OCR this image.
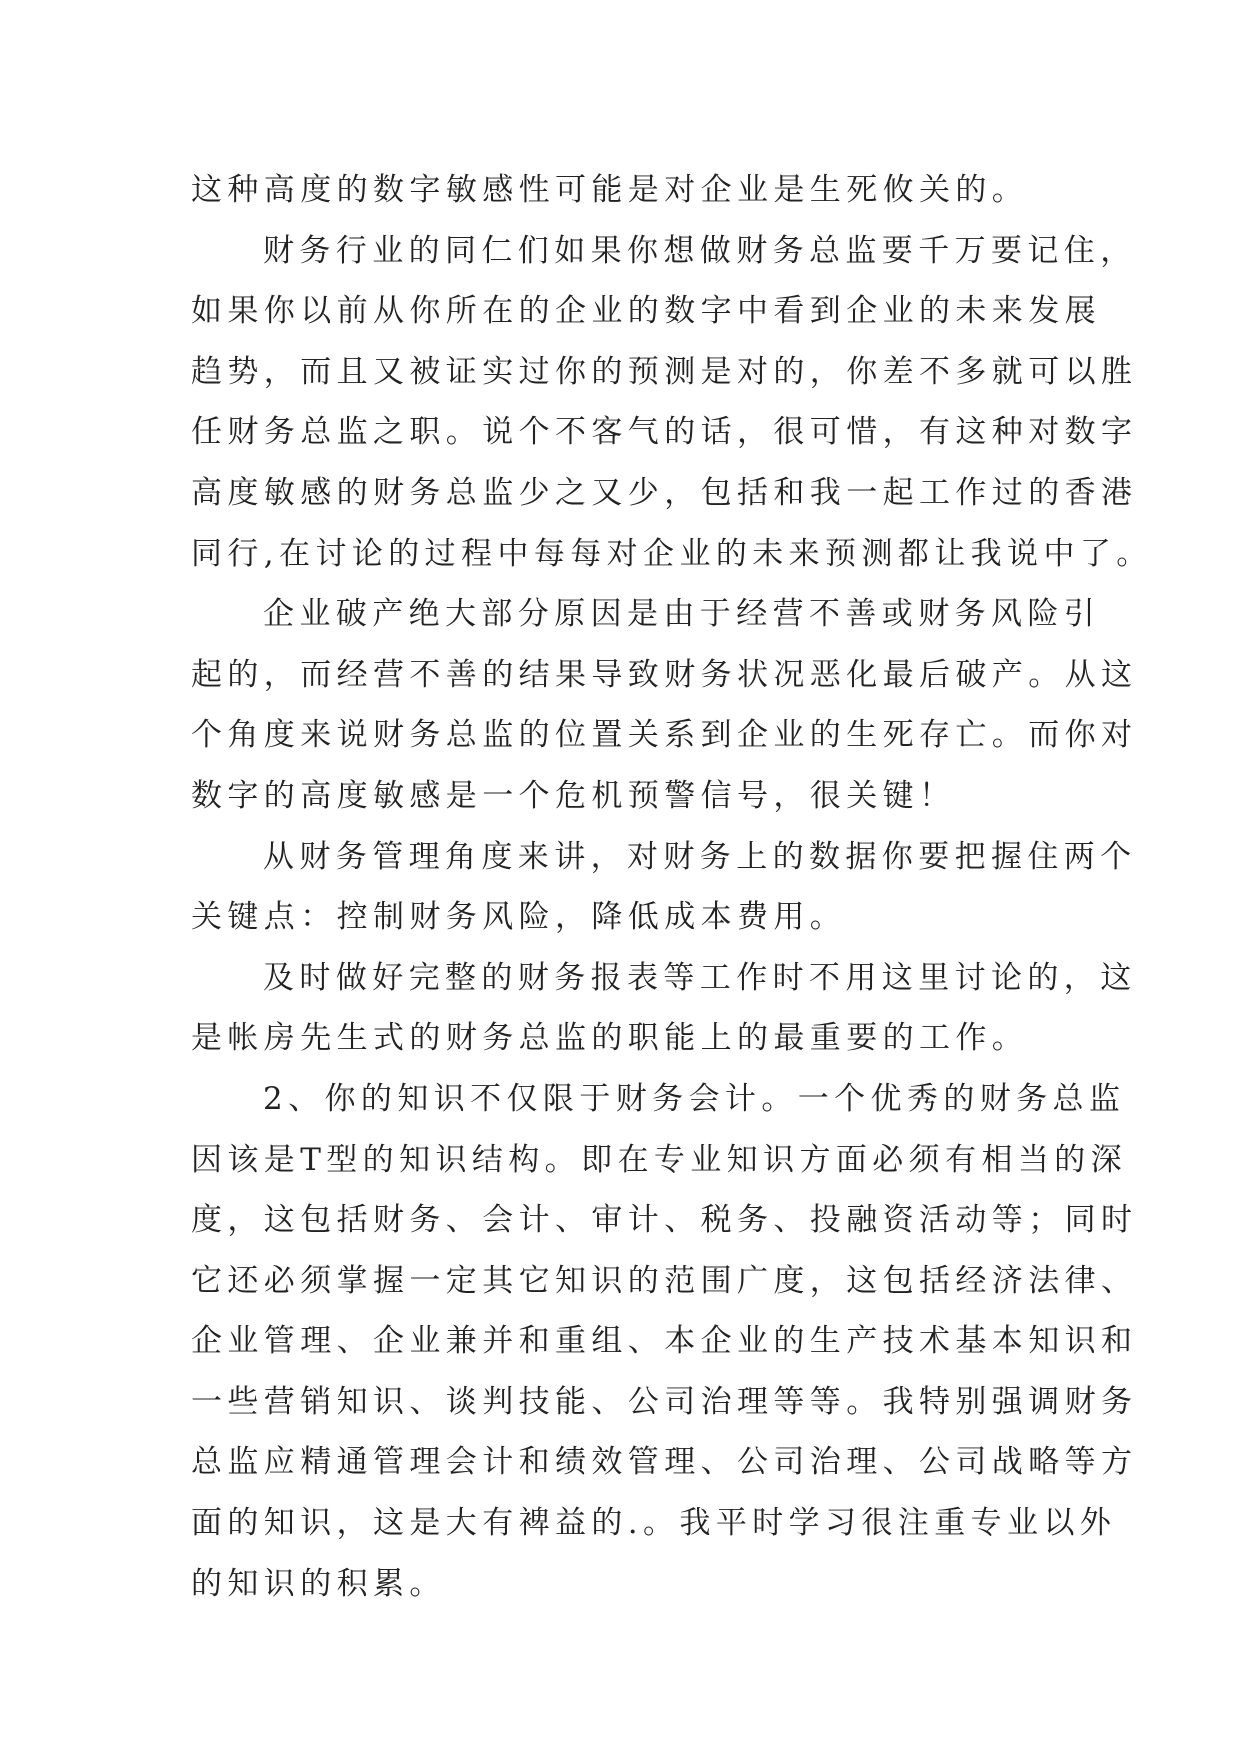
这种高度的数字敏感性可能是对企业是生死攸关的。
财务行业的同仁们如果你想做财务总监要千万要记住，
如果你以前从你所在的企业的数字中看到企业的未来发展
趋势，而且又被证实过你的预测是对的，你差不多就可以胜
任财务总监之职。说个不客气的话，很可惜，有这种对数字
高度敏感的财务总监少之又少，包括和我一起工作过的香港
同行,在讨论的过程中每每对企业的未来预测都让我说中了。
企业破产绝大部分原因是由于经营不善或财务风险引
起的，而经营不善的结果导致财务状况恶化最后破产。从这
个角度来说财务总监的位置关系到企业的生死存亡。而你对
数字的高度敏感是一个危机预警信号，很关键！
从财务管理角度来讲，对财务上的数据你要把握住两个
关键点：控制财务风险，降低成本费用。
及时做好完整的财务报表等工作时不用这里讨论的，这
是帐房先生式的财务总监的职能上的最重要的工作。
2、你的知识不仅限于财务会计。一个优秀的财务总监
因该是T型的知识结构。即在专业知识方面必须有相当的深
度，这包括财务、会计、审计、税务、投融资活动等；同时
它还必须掌握一定其它知识的范围广度，这包括经济法律、
企业管理、企业兼并和重组、本企业的生产技术基本知识和
一些营销知识、谈判技能、公司治理等等。我特别强调财务
总监应精通管理会计和绩效管理、公司治理、公司战略等方
面的知识，这是大有裨益的.。我平时学习很注重专业以外
的知识的积累。
